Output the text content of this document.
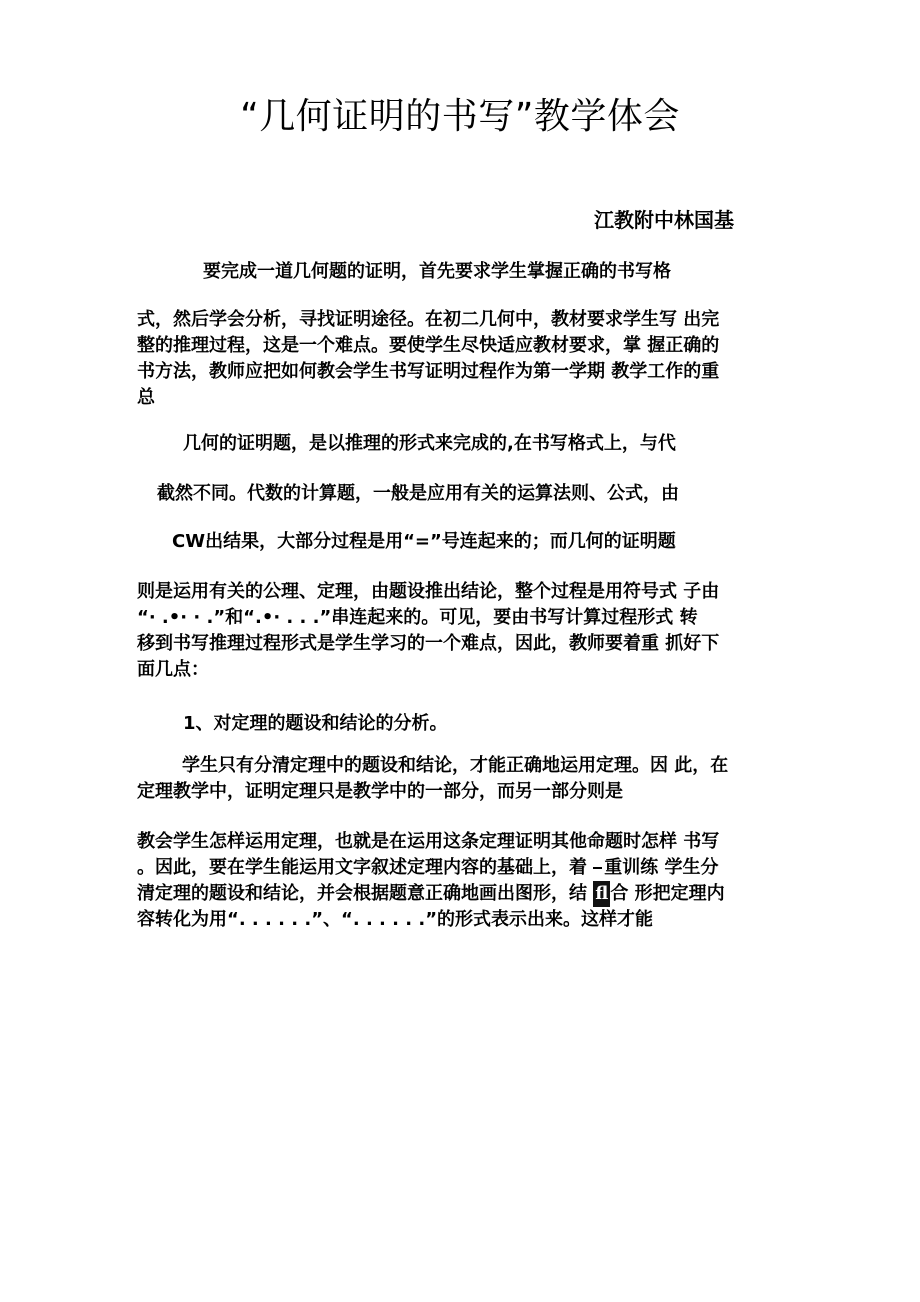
“几何证明的书写”教学体会
江教附中林国基
要完成一道几何题的证明，首先要求学生掌握正确的书写格
式，然后学会分析，寻找证明途径。在初二几何中，教材要求学生写 出完
整的推理过程，这是一个难点。要使学生尽快适应教材要求，掌 握正确的
书方法，教师应把如何教会学生书写证明过程作为第一学期 教学工作的重
总
几何的证明题，是以推理的形式来完成的,在书写格式上，与代
截然不同。代数的计算题，一般是应用有关的运算法则、公式，由
CW出结果，大部分过程是用“=”号连起来的；而几何的证明题
则是运用有关的公理、定理，由题设推出结论，整个过程是用符号式 子由
“· .•· · .”和“.•· . . .”串连起来的。可见，要由书写计算过程形式 转
移到书写推理过程形式是学生学习的一个难点，因此，教师要着重 抓好下
面几点：
1、对定理的题设和结论的分析。
学生只有分清定理中的题设和结论，才能正确地运用定理。因 此，在
定理教学中，证明定理只是教学中的一部分，而另一部分则是
教会学生怎样运用定理，也就是在运用这条定理证明其他命题时怎样 书写
。因此，要在学生能运用文字叙述定理内容的基础上，着 重训练 学生分
清定理的题设和结论，并会根据题意正确地画出图形，结 fl 合 形把定理内
容转化为用“. . . . . .”、“. . . . . .”的形式表示出来。这样才能
